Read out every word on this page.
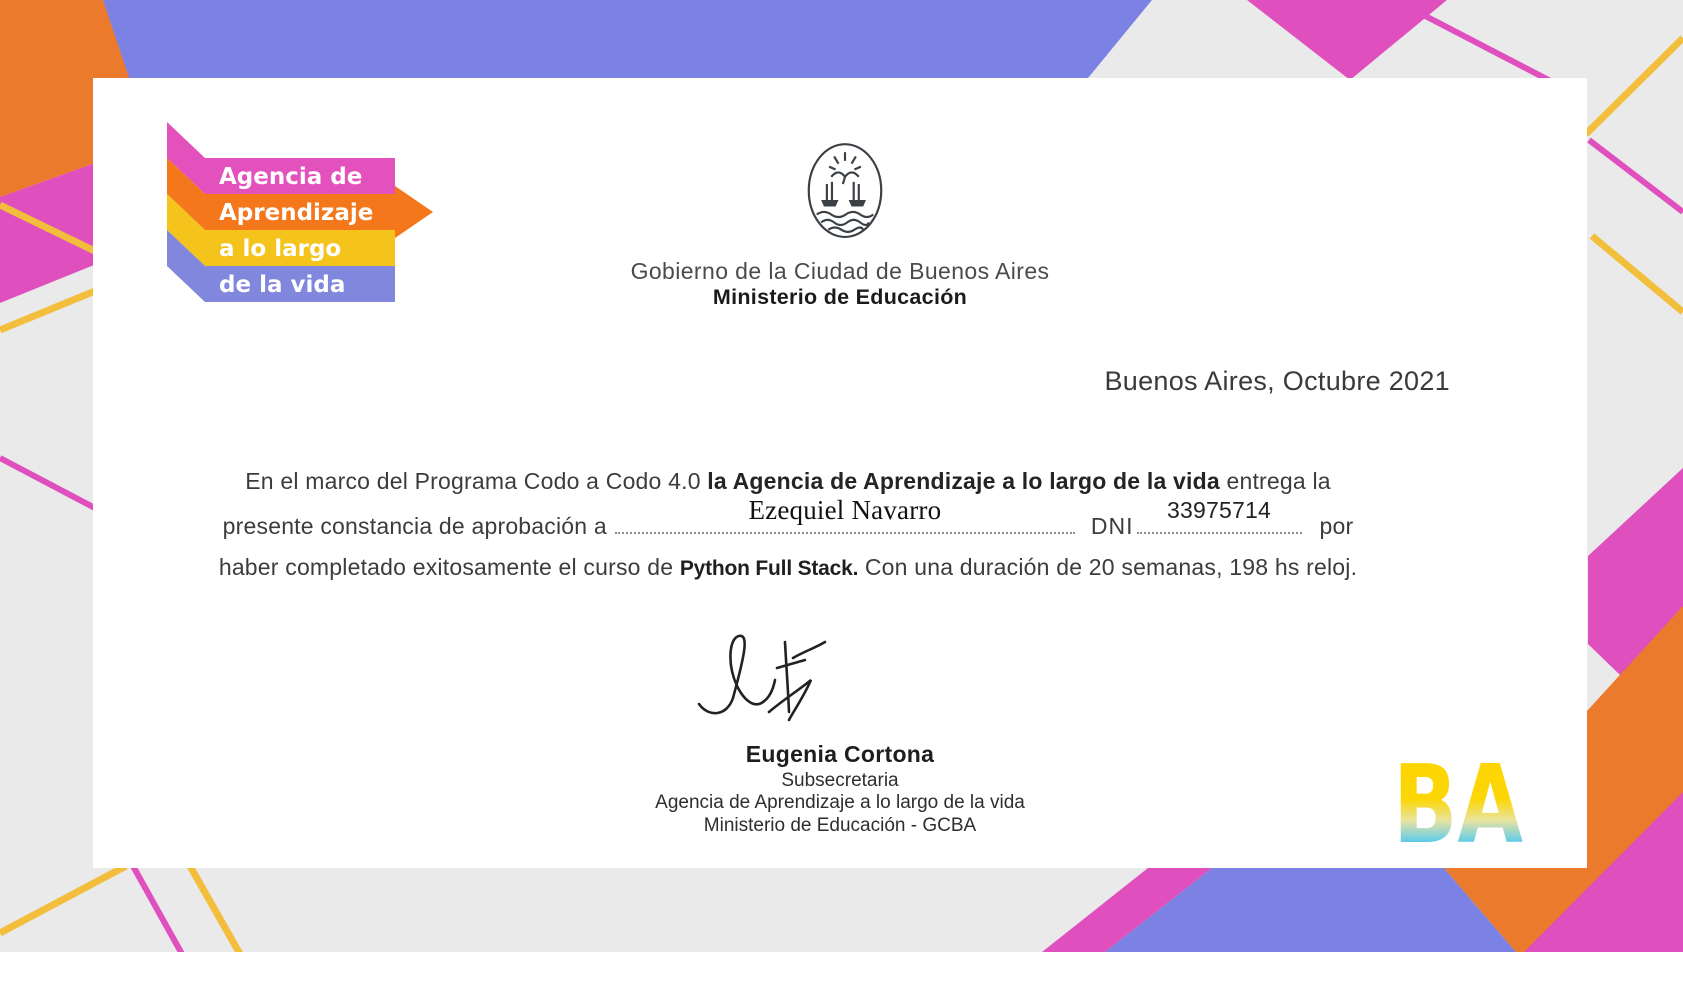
Agencia de
Aprendizaje
a lo largo
de la vida
Gobierno de la Ciudad de Buenos Aires
Ministerio de Educación
Buenos Aires, Octubre 2021
En el marco del Programa Codo a Codo 4.0 la Agencia de Aprendizaje a lo largo de la vida entrega la
presente constancia de aprobación a
Ezequiel Navarro
DNI
33975714
por
haber completado exitosamente el curso de Python Full Stack. Con una duración de 20 semanas, 198 hs reloj.
Eugenia Cortona
Subsecretaria
Agencia de Aprendizaje a lo largo de la vida
Ministerio de Educación - GCBA	BA
